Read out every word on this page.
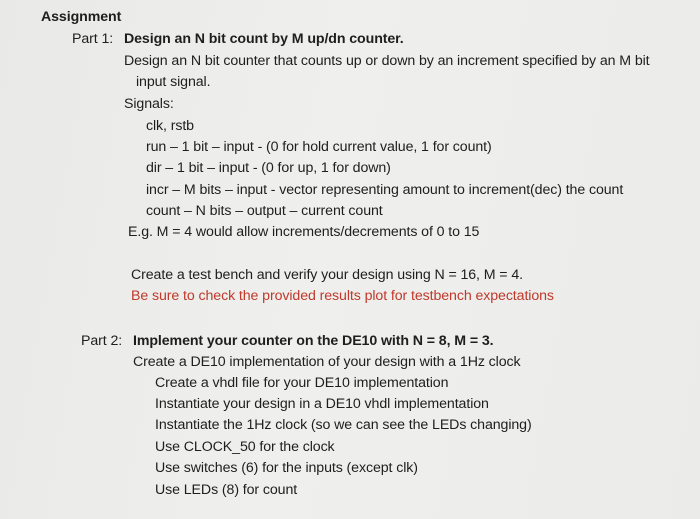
Assignment
Part 1: Design an N bit count by M up/dn counter.
Design an N bit counter that counts up or down by an increment specified by an M bit
input signal.
Signals:
clk, rstb
run – 1 bit – input - (0 for hold current value, 1 for count)
dir – 1 bit – input - (0 for up, 1 for down)
incr – M bits – input - vector representing amount to increment(dec) the count
count – N bits – output – current count
E.g. M = 4 would allow increments/decrements of 0 to 15
Create a test bench and verify your design using N = 16, M = 4.
Be sure to check the provided results plot for testbench expectations
Part 2: Implement your counter on the DE10 with N = 8, M = 3.
Create a DE10 implementation of your design with a 1Hz clock
Create a vhdl file for your DE10 implementation
Instantiate your design in a DE10 vhdl implementation
Instantiate the 1Hz clock (so we can see the LEDs changing)
Use CLOCK_50 for the clock
Use switches (6) for the inputs (except clk)
Use LEDs (8) for count
